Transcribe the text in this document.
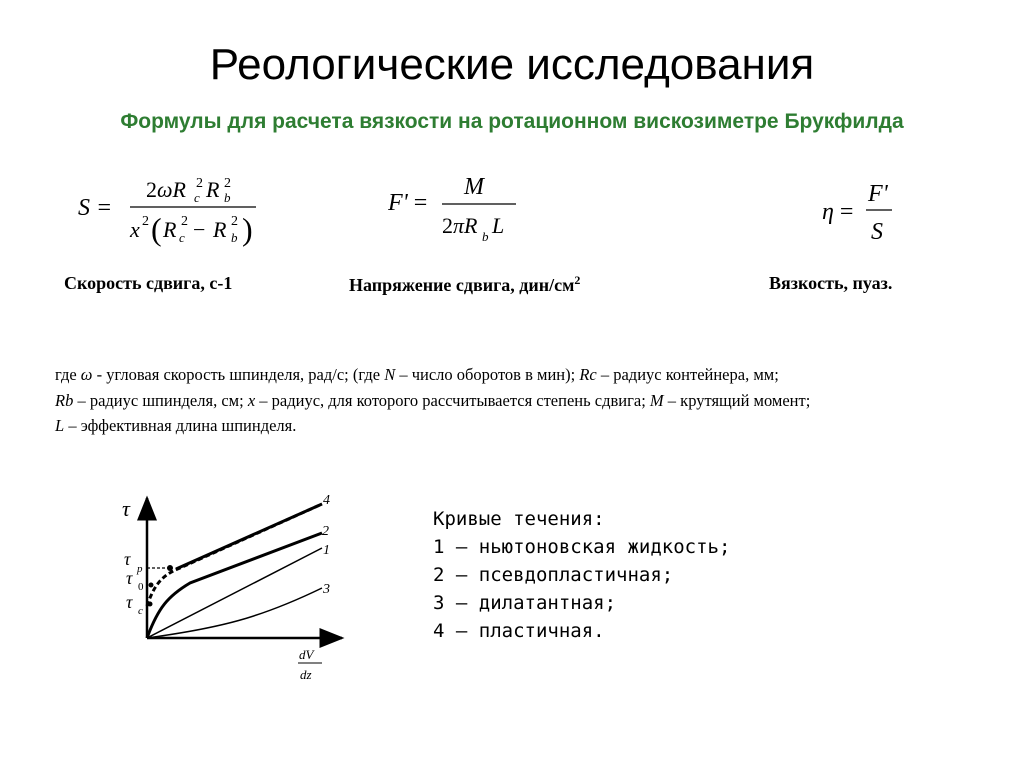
Реологические исследования
Формулы для расчета вязкости на ротационном вискозиметре Брукфилда
S =
2ωR 2
c R 2
b
x 2 ( R 2
c − R 2
b )
F' =
M
2πR b L
η =
F'
S
Скорость сдвига, с-1	Напряжение сдвига, дин/$см^2$	Вязкость, пуаз.
где ω - угловая скорость шпинделя, рад/с; (где N – число оборотов в мин); Rc – радиус контейнера, мм;
Rb – радиус шпинделя, см; x – радиус, для которого рассчитывается степень сдвига; M – крутящий момент;
L – эффективная длина шпинделя.
τ
dV
dz
τ p
τ 0
τ c
4
2
1
3
Кривые течения:
1 — ньютоновская жидкость;
2 — псевдопластичная;
3 — дилатантная;
4 — пластичная.
